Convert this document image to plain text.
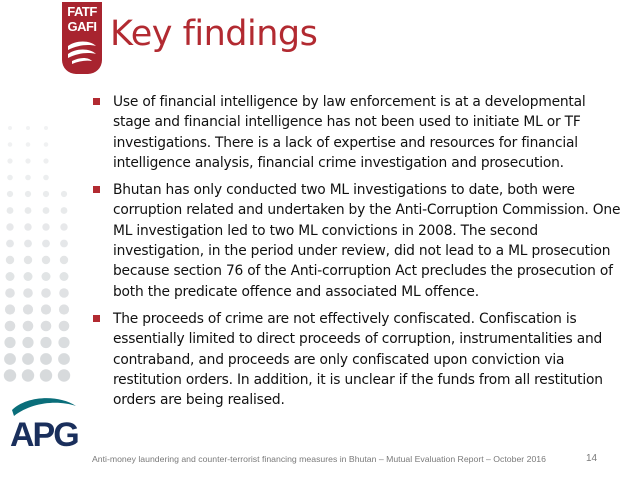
FATF
GAFI Key findings
Use of financial intelligence by law enforcement is at a developmental stage and financial intelligence has not been used to initiate ML or TF investigations. There is a lack of expertise and resources for financial intelligence analysis, financial crime investigation and prosecution.
Bhutan has only conducted two ML investigations to date, both were corruption related and undertaken by the Anti-Corruption Commission. One ML investigation led to two ML convictions in 2008. The second investigation, in the period under review, did not lead to a ML prosecution because section 76 of the Anti-corruption Act precludes the prosecution of both the predicate offence and associated ML offence.
The proceeds of crime are not effectively confiscated. Confiscation is essentially limited to direct proceeds of corruption, instrumentalities and contraband, and proceeds are only confiscated upon conviction via restitution orders. In addition, it is unclear if the funds from all restitution orders are being realised.
APG
c-20	Anti-money laundering and counter-terrorist financing measures in Bhutan – Mutual Evaluation Report – October 2016	14
